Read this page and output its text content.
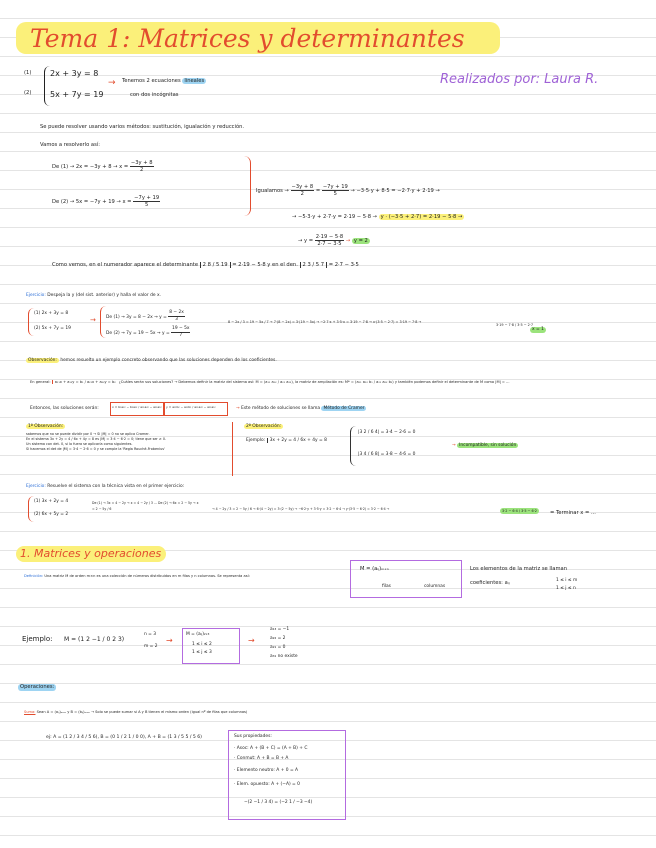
Tema 1: Matrices y determinantes
Realizados por: Laura R.
(1)
(2)
2x + 3y = 8
5x + 7y = 19
→ Tenemos 2 ecuaciones lineales
con dos incógnitas
Se puede resolver usando varios métodos: sustitución, igualación y reducción.
Vamos a resolverlo así:
De $(1) \to 2x = -3y + 8 \to x = \frac{-3y + 8}{2}$
De $(2) \to 5x = -7y + 19 \to x = \frac{-7y + 19}{5}$
Igualamos → $\frac{-3y + 8}{2} = \frac{-7y + 19}{5} \to -3\cdot 5\cdot y + 8\cdot 5 = -2\cdot 7\cdot y + 2\cdot 19$ →
→ −5·3·y + 2·7·y = 2·19 − 5·8 → y · (−3·5 + 2·7) = 2·19 − 5·8 →
→ $y = \frac{2\cdot 19 - 5\cdot 8}{2\cdot 7 - 3\cdot 5} \to y = 2$
Como vemos, en el numerador aparece el determinante 2 8 / 5 19 = 2·19 − 5·8 y en el den. 2 3 / 5 7 = 2·7 − 3·5
Ejercicio: Despeja la y (del sist. anterior) y halla el valor de x.
(1) 2x + 3y = 8
(2) 5x + 7y = 19
→ De $(1) \to 3y = 8 - 2x \to y = \frac{8 - 2x}{3}$
De $(2) \to 7y = 19 - 5x \to y = \frac{19 - 5x}{7}$
8 − 2x / 3 = 19 − 5x / 7 → 7·(8 − 2x) = 3·(19 − 5x) → −2·7·x + 3·5·x = 3·19 − 7·8 → x·(3·5 − 2·7) = 3·19 − 7·8 →
3·19 − 7·8 / 3·5 − 2·7
x = 1
Observación: hemos resuelto un ejemplo concreto observando que las soluciones dependen de los coeficientes.
En general: a₁₁x + a₁₂y = b₁ / a₂₁x + a₂₂y = b₂ ¿Cuáles serán sus soluciones? → Debemos definir la matriz del sistema así: M = (a₁₁ a₁₂ / a₂₁ a₂₂), la matriz de ampliación es: M* = (a₁₁ a₁₂ b₁ / a₂₁ a₂₂ b₂) y también podemos definir el determinante de M como |M| = ...
Entonces, las soluciones serán:	x = b₁a₂₂ − b₂a₁₂ / a₁₁a₂₂ − a₂₁a₁₂ y = a₁₁b₂ − a₂₁b₁ / a₁₁a₂₂ − a₂₁a₁₂	→ Este método de soluciones se llama Método de Cramer
1ª Observación:
sabemos que no se puede dividir por 0 → Si |M| = 0 no se aplica Cramer.
En el sistema 3x + 2y = 4 / 6x + 4y = 8 es |M| = 3·4 − 6·2 = 0; tiene que ser ≠ 0.
Un sistema con det. 0, si lo fuera se aplicaría como siguientes.
Si hacemos el det de |M| = 3·4 − 2·6 = 0 y se comple la 'Regla Rouché-Frobenius'
2ª Observación:
Ejemplo: 3x + 2y = 4 / 6x + 4y = 8
|3 2 / 6 4| = 3·4 − 2·6 = 0
|3 4 / 6 8| = 3·8 − 4·6 = 0
→ Incompatible, sin solución
Ejercicio: Resuelve el sistema con la técnica vista en el primer ejercicio:
(1) 3x + 2y = 4
(2) 6x + 5y = 2
De (1) → 3x = 4 − 2y → x = 4 − 2y / 3 ... De (2) → 6x = 2 − 5y → x = 2 − 5y / 6	→ 4 − 2y / 3 = 2 − 5y / 6 → 6·(4 − 2y) = 3·(2 − 5y) → −6·2·y + 3·5·y = 3·2 − 6·4 → y·(3·5 − 6·2) = 3·2 − 6·4 →	3·2 − 6·4 / 3·5 − 6·2	= Terminar x = ...
1. Matrices y operaciones
Definición: Una matriz M de orden m×n es una colección de números distribuidos en m filas y n columnas. Se representa así:
M = (aᵢⱼ)ₘₓₙ
filas	columnas
Los elementos de la matriz se llaman
coeficientes: aᵢⱼ	1 ≤ i ≤ m
1 ≤ j ≤ n
Ejemplo: M = (1 2 −1 / 0 2 3)
n = 3
m = 2
→
M = (aᵢⱼ)₂ₓ₃
1 ≤ i ≤ 2
1 ≤ j ≤ 3
→
a₁₃ = −1
a₂₂ = 2
a₂₁ = 0
a₃₁ no existe
Operaciones:
Suma: Sean A = (aᵢⱼ)ₘₓₙ y B = (bᵢⱼ)ₘₓₙ → Solo se puede sumar si A y B tienen el mismo orden (igual nº de filas que columnas)
ej: A = (1 2 / 3 4 / 5 6), B = (0 1 / 2 1 / 0 0), A + B = (1 3 / 5 5 / 5 6)	Sus propiedades:
· Asoc: A + (B + C) = (A + B) + C
· Conmut: A + B = B + A
· Elemento neutro: A + 0 = A
· Elem. opuesto: A + (−A) = 0
−(2 −1 / 3 4) = (−2 1 / −3 −4)
